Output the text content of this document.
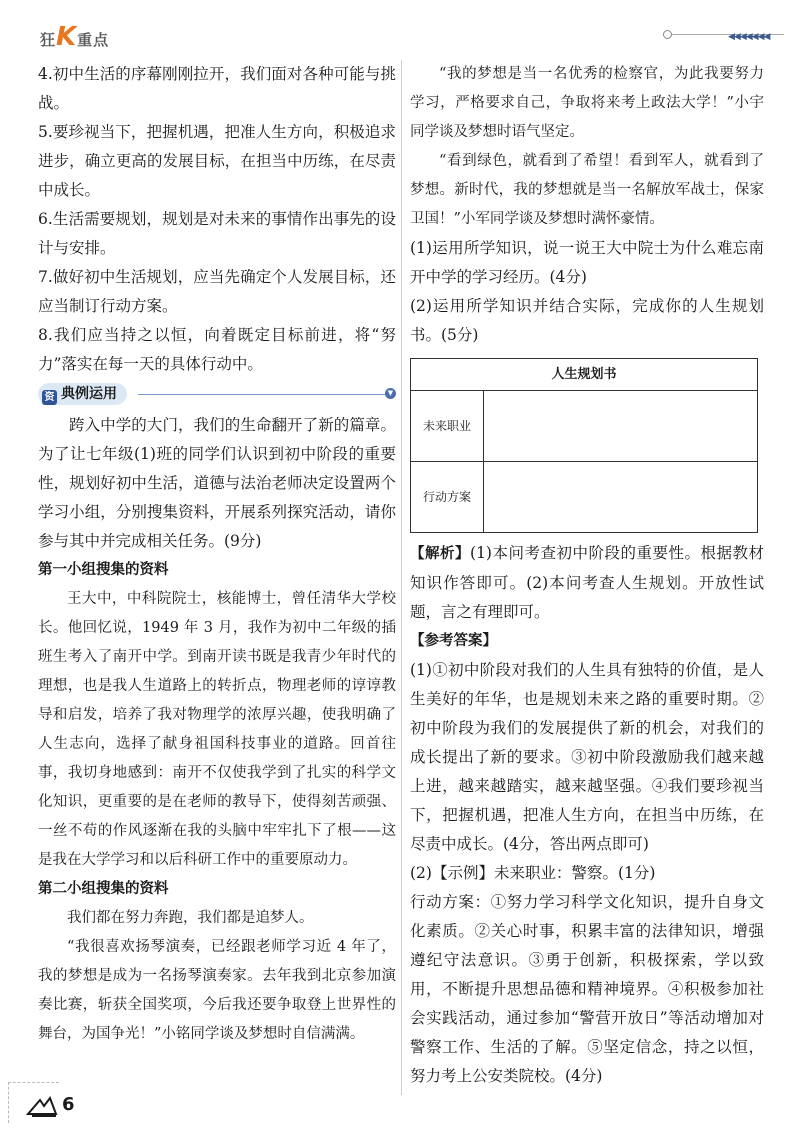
狂K重点	◀◀◀◀◀◀◀

4.初中生活的序幕刚刚拉开，我们面对各种可能与挑战。

5.要珍视当下，把握机遇，把准人生方向，积极追求进步，确立更高的发展目标，在担当中历练，在尽责中成长。

6.生活需要规划，规划是对未来的事情作出事先的设计与安排。

7.做好初中生活规划，应当先确定个人发展目标，还应当制订行动方案。

8.我们应当持之以恒，向着既定目标前进，将“努力”落实在每一天的具体行动中。

资 典例运用	▼

跨入中学的大门，我们的生命翻开了新的篇章。为了让七年级(1)班的同学们认识到初中阶段的重要性，规划好初中生活，道德与法治老师决定设置两个学习小组，分别搜集资料，开展系列探究活动，请你参与其中并完成相关任务。(9分)

第一小组搜集的资料

王大中，中科院院士，核能博士，曾任清华大学校长。他回忆说，1949 年 3 月，我作为初中二年级的插班生考入了南开中学。到南开读书既是我青少年时代的理想，也是我人生道路上的转折点，物理老师的谆谆教导和启发，培养了我对物理学的浓厚兴趣，使我明确了人生志向，选择了献身祖国科技事业的道路。回首往事，我切身地感到：南开不仅使我学到了扎实的科学文化知识，更重要的是在老师的教导下，使得刻苦顽强、一丝不苟的作风逐渐在我的头脑中牢牢扎下了根——这是我在大学学习和以后科研工作中的重要原动力。

第二小组搜集的资料

我们都在努力奔跑，我们都是追梦人。

“我很喜欢扬琴演奏，已经跟老师学习近 4 年了，我的梦想是成为一名扬琴演奏家。去年我到北京参加演奏比赛，斩获全国奖项，今后我还要争取登上世界性的舞台，为国争光！”小铭同学谈及梦想时自信满满。

“我的梦想是当一名优秀的检察官，为此我要努力学习，严格要求自己，争取将来考上政法大学！”小宇同学谈及梦想时语气坚定。

“看到绿色，就看到了希望！看到军人，就看到了梦想。新时代，我的梦想就是当一名解放军战士，保家卫国！”小军同学谈及梦想时满怀豪情。

(1)运用所学知识，说一说王大中院士为什么难忘南开中学的学习经历。(4分)

(2)运用所学知识并结合实际，完成你的人生规划书。(5分)

人生规划书	
未来职业	
行动方案	

【解析】(1)本问考查初中阶段的重要性。根据教材知识作答即可。(2)本问考查人生规划。开放性试题，言之有理即可。

【参考答案】

(1)①初中阶段对我们的人生具有独特的价值，是人生美好的年华，也是规划未来之路的重要时期。②初中阶段为我们的发展提供了新的机会，对我们的成长提出了新的要求。③初中阶段激励我们越来越上进，越来越踏实，越来越坚强。④我们要珍视当下，把握机遇，把准人生方向，在担当中历练，在尽责中成长。(4分，答出两点即可)

(2)【示例】未来职业：警察。(1分)

行动方案：①努力学习科学文化知识，提升自身文化素质。②关心时事，积累丰富的法律知识，增强遵纪守法意识。③勇于创新，积极探索，学以致用，不断提升思想品德和精神境界。④积极参加社会实践活动，通过参加“警营开放日”等活动增加对警察工作、生活的了解。⑤坚定信念，持之以恒，努力考上公安类院校。(4分)

6
